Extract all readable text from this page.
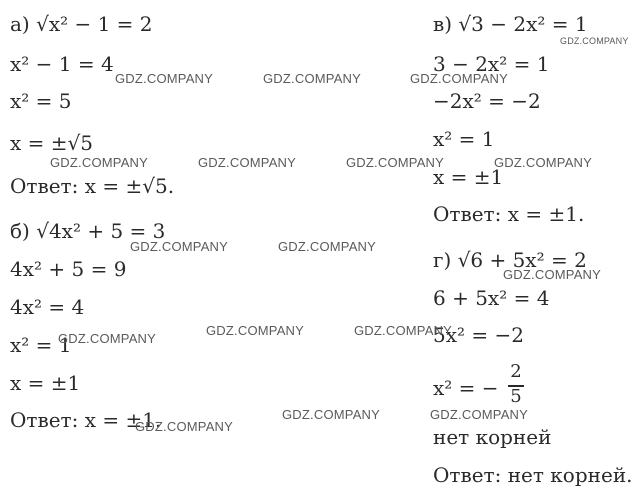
а) √x² − 1 = 2
x² − 1 = 4
x² = 5
x = ±√5
Ответ: x = ±√5.
б) √4x² + 5 = 3
4x² + 5 = 9
4x² = 4
x² = 1
x = ±1
Ответ: x = ±1.
в) √3 − 2x² = 1
3 − 2x² = 1
−2x² = −2
x² = 1
x = ±1
Ответ: x = ±1.
г) √6 + 5x² = 2
6 + 5x² = 4
5x² = −2
x² = −
2
5
нет корней
Ответ: нет корней.
GDZ.COMPANY	GDZ.COMPANY	GDZ.COMPANY
GDZ.COMPANY
GDZ.COMPANY	GDZ.COMPANY	GDZ.COMPANY	GDZ.COMPANY
GDZ.COMPANY	GDZ.COMPANY
GDZ.COMPANY
GDZ.COMPANY
GDZ.COMPANY	GDZ.COMPANY
GDZ.COMPANY	GDZ.COMPANY
GDZ.COMPANY
